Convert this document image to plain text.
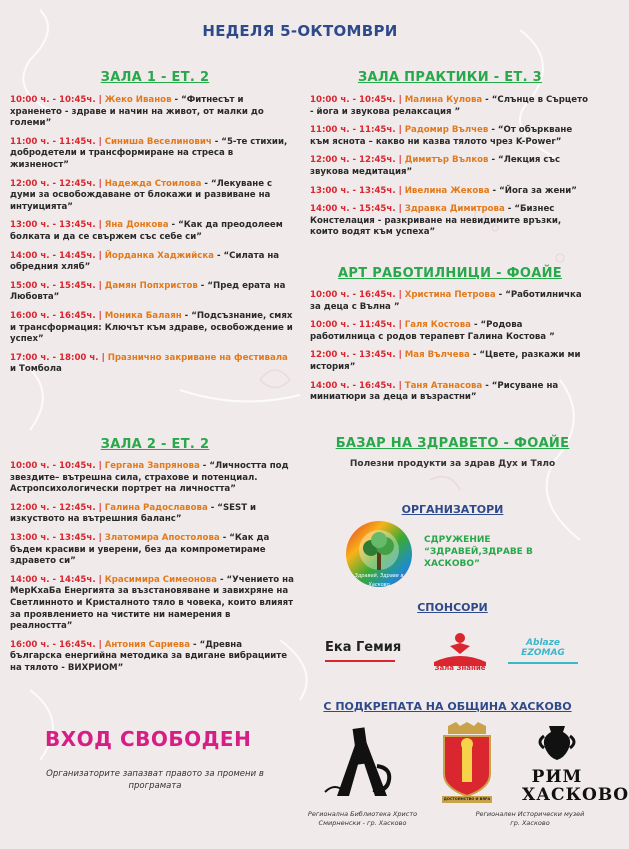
НЕДЕЛЯ 5-ОКТОМВРИ
ЗАЛА 1 - ЕТ. 2
10:00 ч. - 10:45ч. | Жеко Иванов - “Фитнесът и храненето - здраве и начин на живот, от малки до големи”
11:00 ч. - 11:45ч. | Синиша Веселинович - “5-те стихии, добродетели и трансформиране на стреса в жизненост”
12:00 ч. - 12:45ч. | Надежда Стоилова - “Лекуване с думи за освобождаване от блокажи и развиване на интуицията”
13:00 ч. - 13:45ч. | Яна Донкова - “Как да преодолеем болката и да се свържем със себе си”
14:00 ч. - 14:45ч. | Йорданка Хаджийска - “Силата на обредния хляб”
15:00 ч. - 15:45ч. | Дамян Попхристов - “Пред ерата на Любовта”
16:00 ч. - 16:45ч. | Моника Балаян - “Подсъзнание, смях и трансформация: Ключът към здраве, освобождение и успех”
17:00 ч. - 18:00 ч. | Празнично закриване на фестивала и Томбола
ЗАЛА ПРАКТИКИ - ЕТ. 3
10:00 ч. - 10:45ч. | Малина Кулова - “Слънце в Сърцето - йога и звукова релаксация ”
11:00 ч. - 11:45ч. | Радомир Вълчев - “От объркване към яснота – какво ни казва тялото чрез K-Power”
12:00 ч. - 12:45ч. | Димитър Вълков - “Лекция със звукова медитация”
13:00 ч. - 13:45ч. | Ивелина Жекова - “Йога за жени”
14:00 ч. - 15:45ч. | Здравка Димитрова - “Бизнес Констелация - разкриване на невидимите връзки, които водят към успеха”
АРТ РАБОТИЛНИЦИ - ФОАЙЕ
10:00 ч. - 16:45ч. | Христина Петрова - “Работилничка за деца с Вълна ”
10:00 ч. - 11:45ч. | Галя Костова - “Родова работилница с родов терапевт Галина Костова ”
12:00 ч. - 13:45ч. | Мая Вълчева - “Цвете, разкажи ми история”
14:00 ч. - 16:45ч. | Таня Атанасова - “Рисуване на миниатюри за деца и възрастни”
ЗАЛА 2 - ЕТ. 2
10:00 ч. - 10:45ч. | Гергана Запрянова - “Личността под звездите– вътрешна сила, страхове и потенциал. Астропсихологически портрет на личността”
12:00 ч. - 12:45ч. | Галина Радославова - “SEST и изкуството на вътрешния баланс”
13:00 ч. - 13:45ч. | Златомира Апостолова - “Как да бъдем красиви и уверени, без да компрометираме здравето си”
14:00 ч. - 14:45ч. | Красимира Симеонова - “Учението на МерКхаБа Енергията за възстановяване и завихряне на Светлинното и Кристалното тяло в човека, които влияят за проявлението на чистите ни намерения в реалността”
16:00 ч. - 16:45ч. | Антония Сариева - “Древна българска енергийна методика за вдигане вибрациите на тялото - ВИХРИОМ”
БАЗАР НА ЗДРАВЕТО - ФОАЙЕ
Полезни продукти за здрав Дух и Тяло
ОРГАНИЗАТОРИ
Здравей, Здраве в Хасково
СДРУЖЕНИЕ “ЗДРАВЕЙ,ЗДРАВЕ В ХАСКОВО”
СПОНСОРИ
Ека Гемия
Зала Знание
Ablaze EZOMAG
С ПОДКРЕПАТА НА ОБЩИНА ХАСКОВО
Регионална Библиотека Христо Смирненски - гр. Хасково
ДОСТОЙНСТВО И ВЯРА
РИМ ХАСКОВО
Регионален Исторически музей гр. Хасково
ВХОД СВОБОДЕН
Организаторите запазват правото за промени в програмата
